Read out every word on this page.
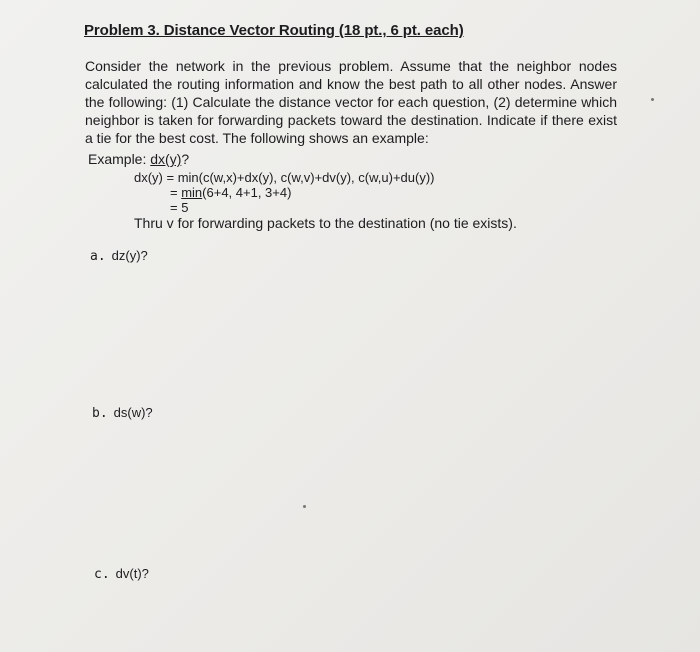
Problem 3. Distance Vector Routing (18 pt., 6 pt. each)

Consider the network in the previous problem. Assume that the neighbor nodes calculated the routing information and know the best path to all other nodes. Answer the following: (1) Calculate the distance vector for each question, (2) determine which neighbor is taken for forwarding packets toward the destination. Indicate if there exist a tie for the best cost. The following shows an example:

Example: dx(y)?
dx(y) = min(c(w,x)+dx(y), c(w,v)+dv(y), c(w,u)+du(y))
= min(6+4, 4+1, 3+4)
= 5
Thru v for forwarding packets to the destination (no tie exists).
a. dz(y)?
b. ds(w)?
c. dv(t)?
